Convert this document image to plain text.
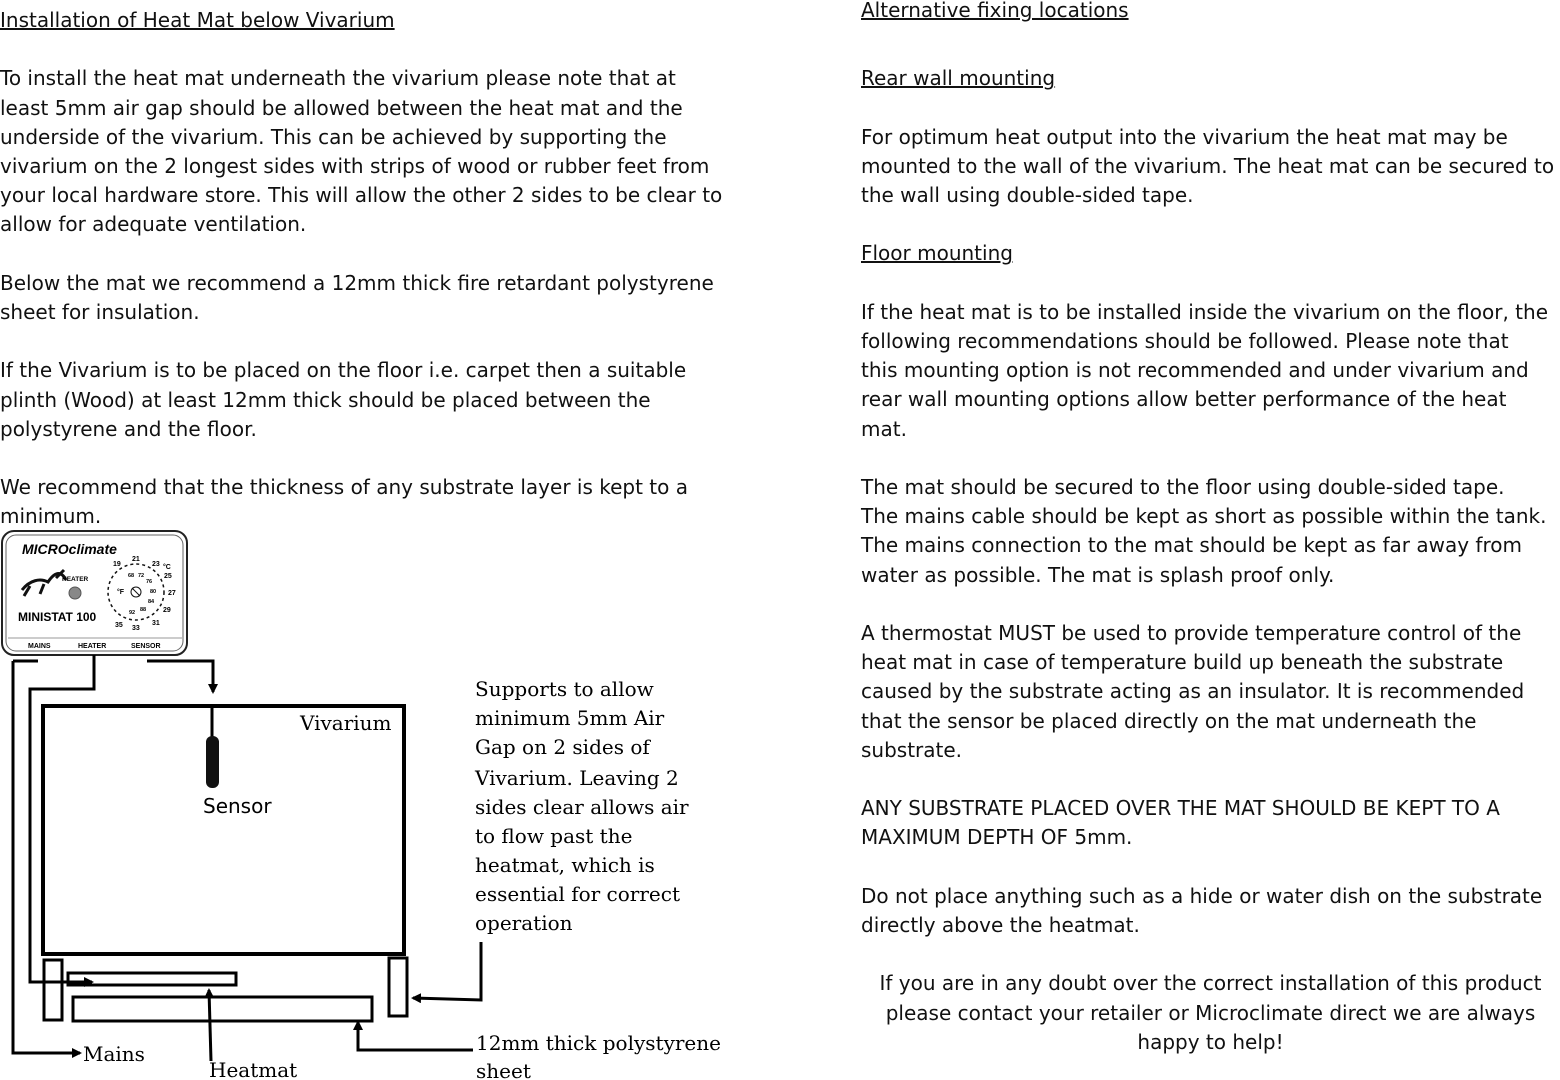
Installation of Heat Mat below Vivarium

To install the heat mat underneath the vivarium please note that at

least 5mm air gap should be allowed between the heat mat and the

underside of the vivarium. This can be achieved by supporting the

vivarium on the 2 longest sides with strips of wood or rubber feet from

your local hardware store. This will allow the other 2 sides to be clear to

allow for adequate ventilation.

Below the mat we recommend a 12mm thick fire retardant polystyrene

sheet for insulation.

If the Vivarium is to be placed on the floor i.e. carpet then a suitable

plinth (Wood) at least 12mm thick should be placed between the

polystyrene and the floor.

We recommend that the thickness of any substrate layer is kept to a

minimum.

Alternative fixing locations

Rear wall mounting

For optimum heat output into the vivarium the heat mat may be

mounted to the wall of the vivarium. The heat mat can be secured to

the wall using double-sided tape.

Floor mounting

If the heat mat is to be installed inside the vivarium on the floor, the

following recommendations should be followed. Please note that

this mounting option is not recommended and under vivarium and

rear wall mounting options allow better performance of the heat

mat.

The mat should be secured to the floor using double-sided tape.

The mains cable should be kept as short as possible within the tank.

The mains connection to the mat should be kept as far away from

water as possible. The mat is splash proof only.

A thermostat MUST be used to provide temperature control of the

heat mat in case of temperature build up beneath the substrate

caused by the substrate acting as an insulator. It is recommended

that the sensor be placed directly on the mat underneath the

substrate.

ANY SUBSTRATE PLACED OVER THE MAT SHOULD BE KEPT TO A

MAXIMUM DEPTH OF 5mm.

Do not place anything such as a hide or water dish on the substrate

directly above the heatmat.

If you are in any doubt over the correct installation of this product

please contact your retailer or Microclimate direct we are always

happy to help!

MICROclimate
HEATER
MINISTAT 100
°C
°F
19
21
23
25
27
29
31
33
35
68 72
76
80
84
88
92
MAINS	HEATER	SENSOR
Vivarium
Sensor
Mains
Heatmat
12mm thick polystyrene
sheet
Supports to allow
minimum 5mm Air
Gap on 2 sides of
Vivarium. Leaving 2
sides clear allows air
to flow past the
heatmat, which is
essential for correct
operation
